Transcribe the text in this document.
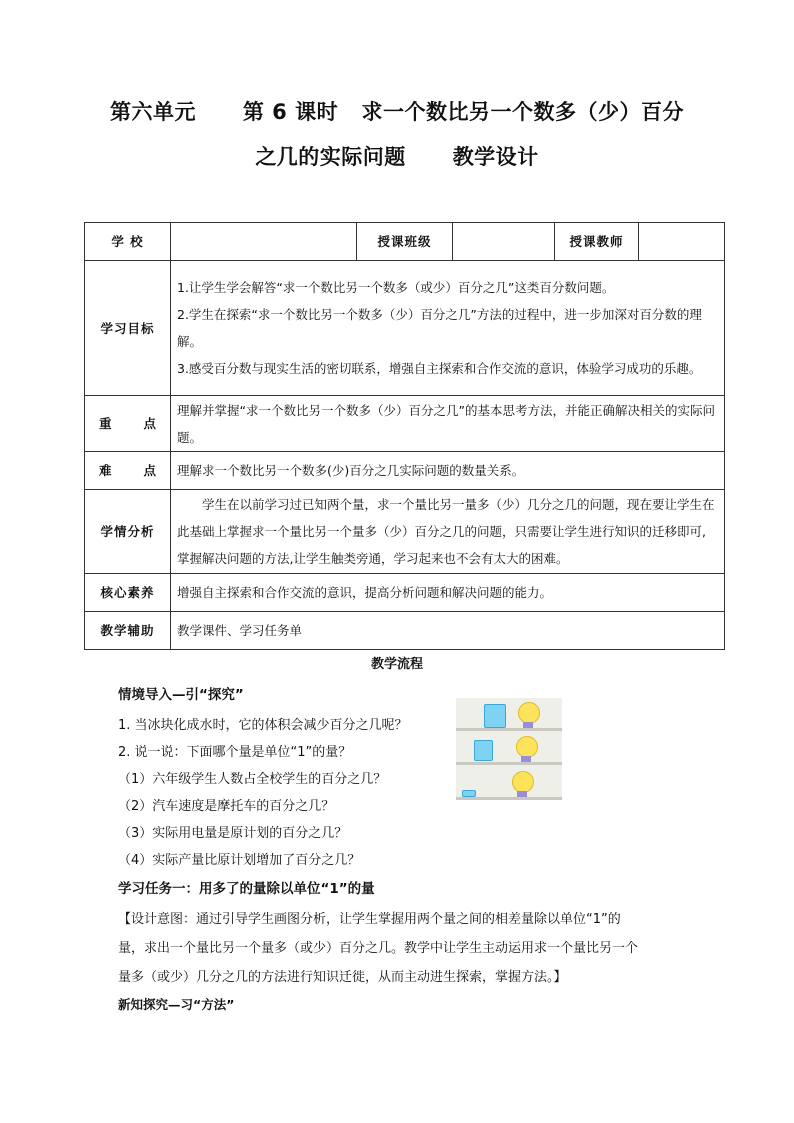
第六单元 第 6 课时 求一个数比另一个数多（少）百分
之几的实际问题 教学设计
学 校		授课班级		授课教师	
学习目标	1.让学生学会解答“求一个数比另一个数多（或少）百分之几”这类百分数问题。

2.学生在探索“求一个数比另一个数多（少）百分之几”方法的过程中，进一步加深对百分数的理解。

3.感受百分数与现实生活的密切联系，增强自主探索和合作交流的意识，体验学习成功的乐趣。				

重 点	理解并掌握“求一个数比另一个数多（少）百分之几”的基本思考方法，并能正确解决相关的实际问题。				

难 点	理解求一个数比另一个数多(少)百分之几实际问题的数量关系。				
学情分析	学生在以前学习过已知两个量，求一个量比另一量多（少）几分之几的问题，现在要让学生在此基础上掌握求一个量比另一个量多（少）百分之几的问题，只需要让学生进行知识的迁移即可,掌握解决问题的方法,让学生触类旁通，学习起来也不会有太大的困难。				

核心素养	增强自主探索和合作交流的意识，提高分析问题和解决问题的能力。				
教学辅助	教学课件、学习任务单				
教学流程
情境导入—引“探究”
1. 当冰块化成水时，它的体积会减少百分之几呢？
2. 说一说：下面哪个量是单位“1”的量？
（1）六年级学生人数占全校学生的百分之几？
（2）汽车速度是摩托车的百分之几？
（3）实际用电量是原计划的百分之几？
（4）实际产量比原计划增加了百分之几？
学习任务一：用多了的量除以单位“1”的量
【设计意图：通过引导学生画图分析，让学生掌握用两个量之间的相差量除以单位“1”的
量，求出一个量比另一个量多（或少）百分之几。教学中让学生主动运用求一个量比另一个
量多（或少）几分之几的方法进行知识迁徙，从而主动进生探索，掌握方法。】
新知探究—习“方法”
